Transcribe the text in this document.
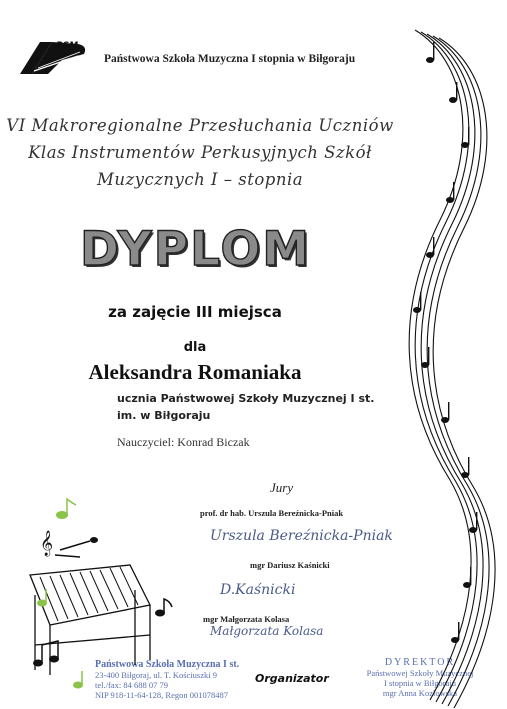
PSM
Państwowa Szkoła Muzyczna I stopnia w Biłgoraju
VI Makroregionalne Przesłuchania Uczniów
Klas Instrumentów Perkusyjnych Szkół
Muzycznych I – stopnia
DYPLOM
za zajęcie III miejsca
dla
Aleksandra Romaniaka
ucznia Państwowej Szkoły Muzycznej I st.
im. w Biłgoraju
Nauczyciel: Konrad Biczak
Jury
prof. dr hab. Urszula Bereźnicka-Pniak
Urszula Bereźnicka-Pniak
mgr Dariusz Kaśnicki
D.Kaśnicki
mgr Małgorzata Kolasa
Małgorzata Kolasa
Państwowa Szkoła Muzyczna I st.
23-400 Biłgoraj, ul. T. Kościuszki 9
tel./fax: 84 688 07 79
NIP 918-11-64-128, Regon 001078487
Organizator
DYREKTOR
Państwowej Szkoły Muzycznej
I stopnia w Biłgoraju
mgr Anna Kozłowska
𝄞
